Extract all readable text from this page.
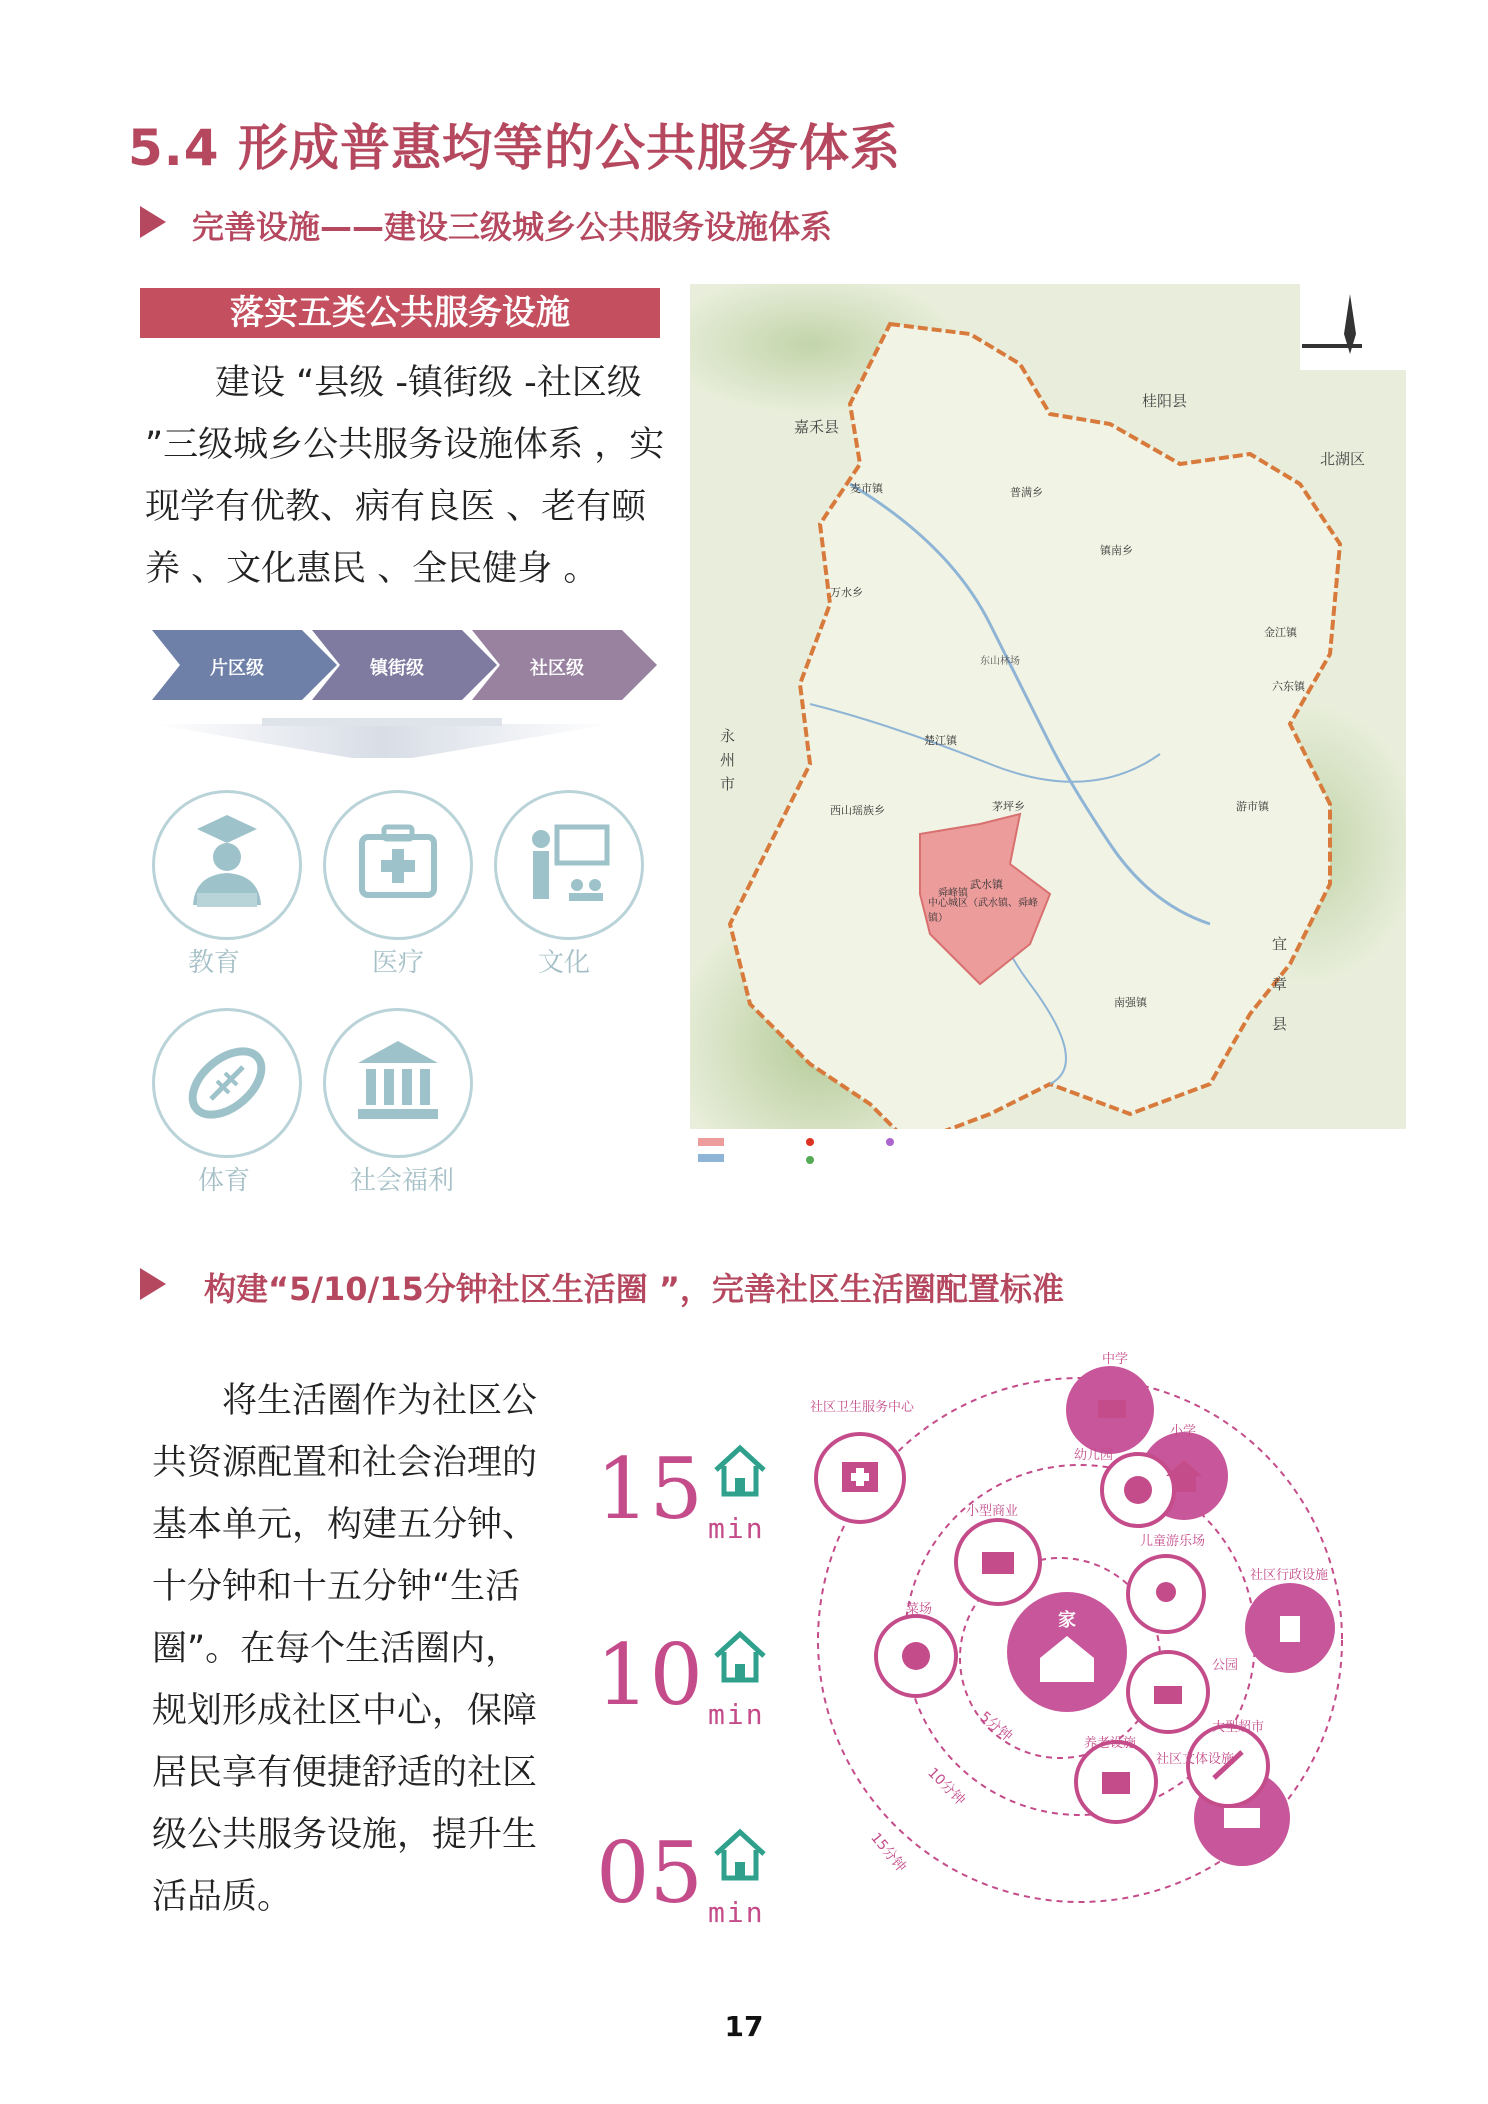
5.4 形成普惠均等的公共服务体系
完善设施——建设三级城乡公共服务设施体系
落实五类公共服务设施

建设 “县级 -镇街级 -社区级 ”三级城乡公共服务设施体系 ，实现学有优教、病有良医 、老有颐养 、文化惠民 、全民健身 。

片区级	镇街级	社区级
教育	医疗	文化
体育	社会福利
嘉禾县
桂阳县
北湖区
永州市
宜章县
麦市镇	普满乡
镇南乡
万水乡
金江镇
六东镇
楚江镇
西山瑶族乡	茅坪乡	游市镇
南强镇
舜峰镇
武水镇
中心城区（武水镇、舜峰镇）
东山林场
构建“5/10/15分钟社区生活圈 ”，完善社区生活圈配置标准

将生活圈作为社区公共资源配置和社会治理的基本单元，构建五分钟、十分钟和十五分钟“生活圈”。在每个生活圈内，规划形成社区中心，保障居民享有便捷舒适的社区级公共服务设施，提升生活品质。

15 min
10 min
05 min
家
5分钟
10分钟
15分钟
社区卫生服务中心
中学
小学
幼儿园
小型商业
儿童游乐场
菜场
社区行政设施
公园
养老设施
社区文体设施
大型超市
17
